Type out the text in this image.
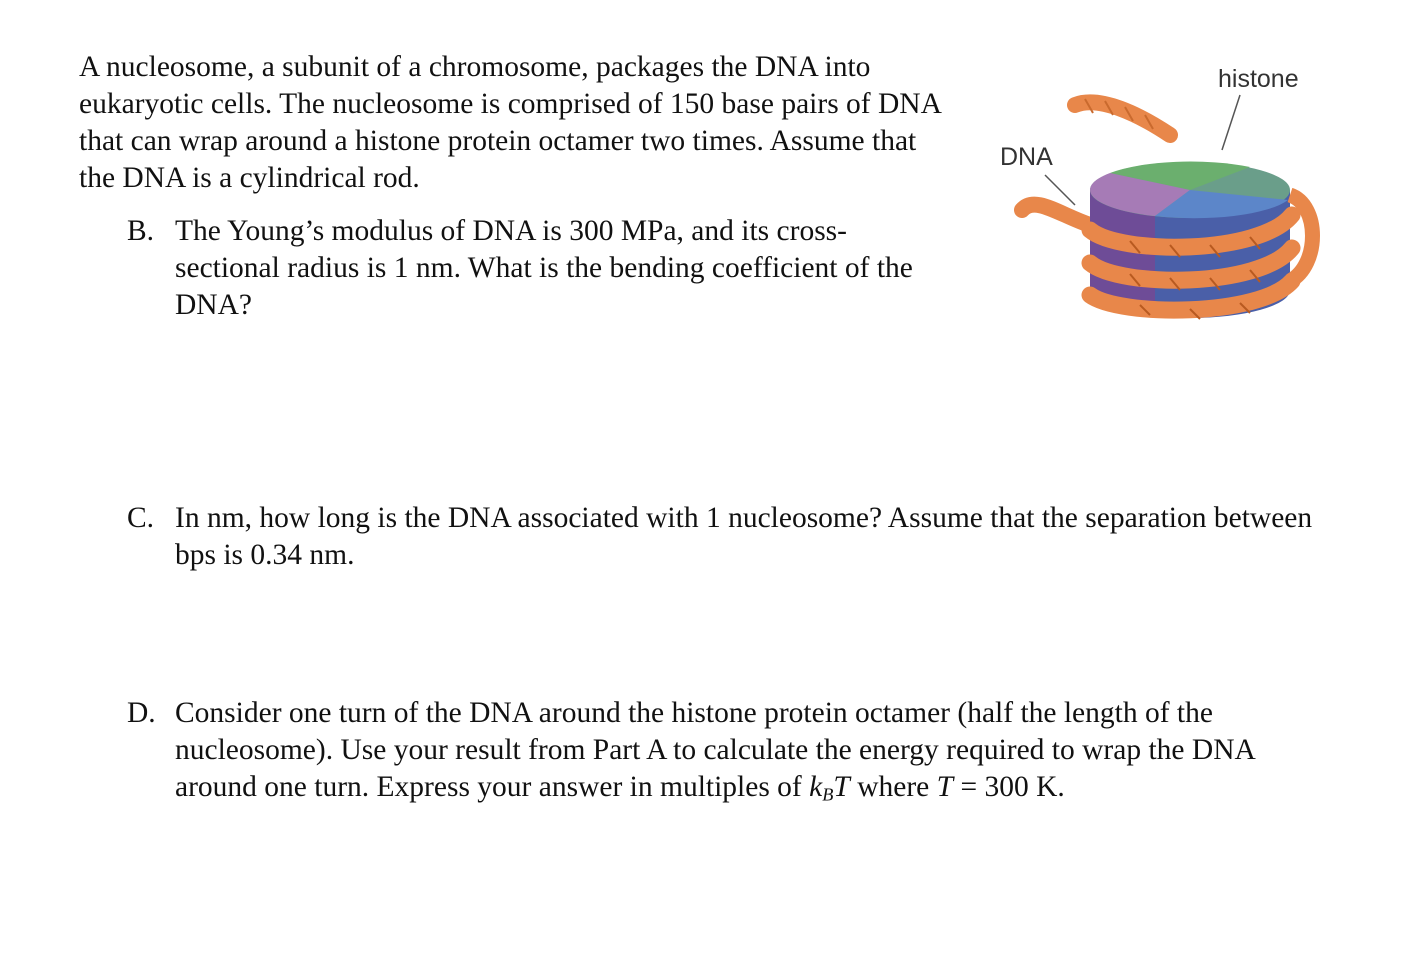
A nucleosome, a subunit of a chromosome, packages the DNA into eukaryotic cells. The nucleosome is comprised of 150 base pairs of DNA that can wrap around a histone protein octamer two times. Assume that the DNA is a cylindrical rod.

B. The Young’s modulus of DNA is 300 MPa, and its cross-sectional radius is 1 nm. What is the bending coefficient of the DNA?
C. In nm, how long is the DNA associated with 1 nucleosome? Assume that the separation between bps is 0.34 nm.
D. Consider one turn of the DNA around the histone protein octamer (half the length of the nucleosome). Use your result from Part A to calculate the energy required to wrap the DNA around one turn. Express your answer in multiples of $k_BT$ where T = 300 K.
histone
DNA
